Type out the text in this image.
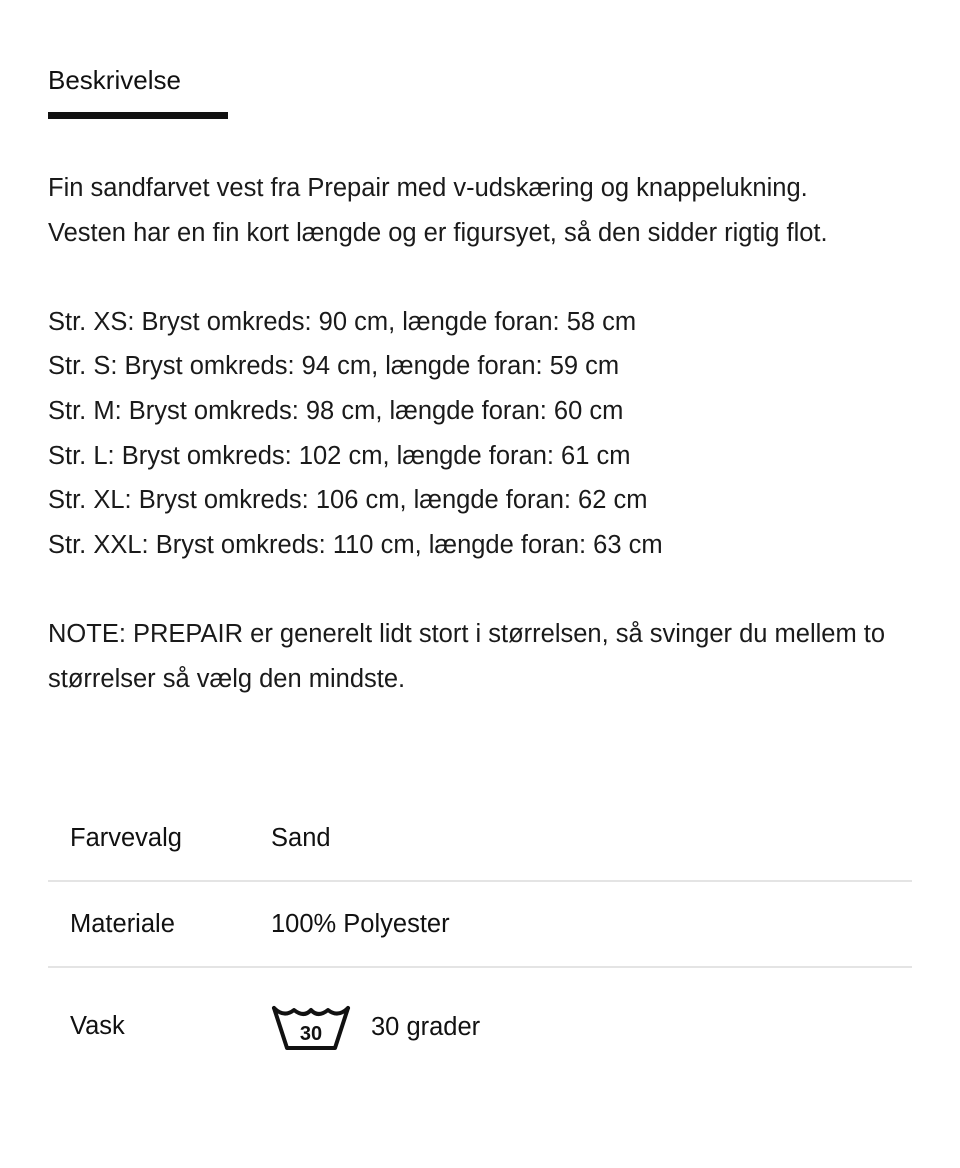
Beskrivelse

Fin sandfarvet vest fra Prepair med v-udskæring og knappelukning.

Vesten har en fin kort længde og er figursyet, så den sidder rigtig flot.

Str. XS: Bryst omkreds: 90 cm, længde foran: 58 cm

Str. S: Bryst omkreds: 94 cm, længde foran: 59 cm

Str. M: Bryst omkreds: 98 cm, længde foran: 60 cm

Str. L: Bryst omkreds: 102 cm, længde foran: 61 cm

Str. XL: Bryst omkreds: 106 cm, længde foran: 62 cm

Str. XXL: Bryst omkreds: 110 cm, længde foran: 63 cm

NOTE: PREPAIR er generelt lidt stort i størrelsen, så svinger du mellem to

størrelser så vælg den mindste.

Farvevalg	Sand
Materiale	100% Polyester
Vask	30 30 grader
